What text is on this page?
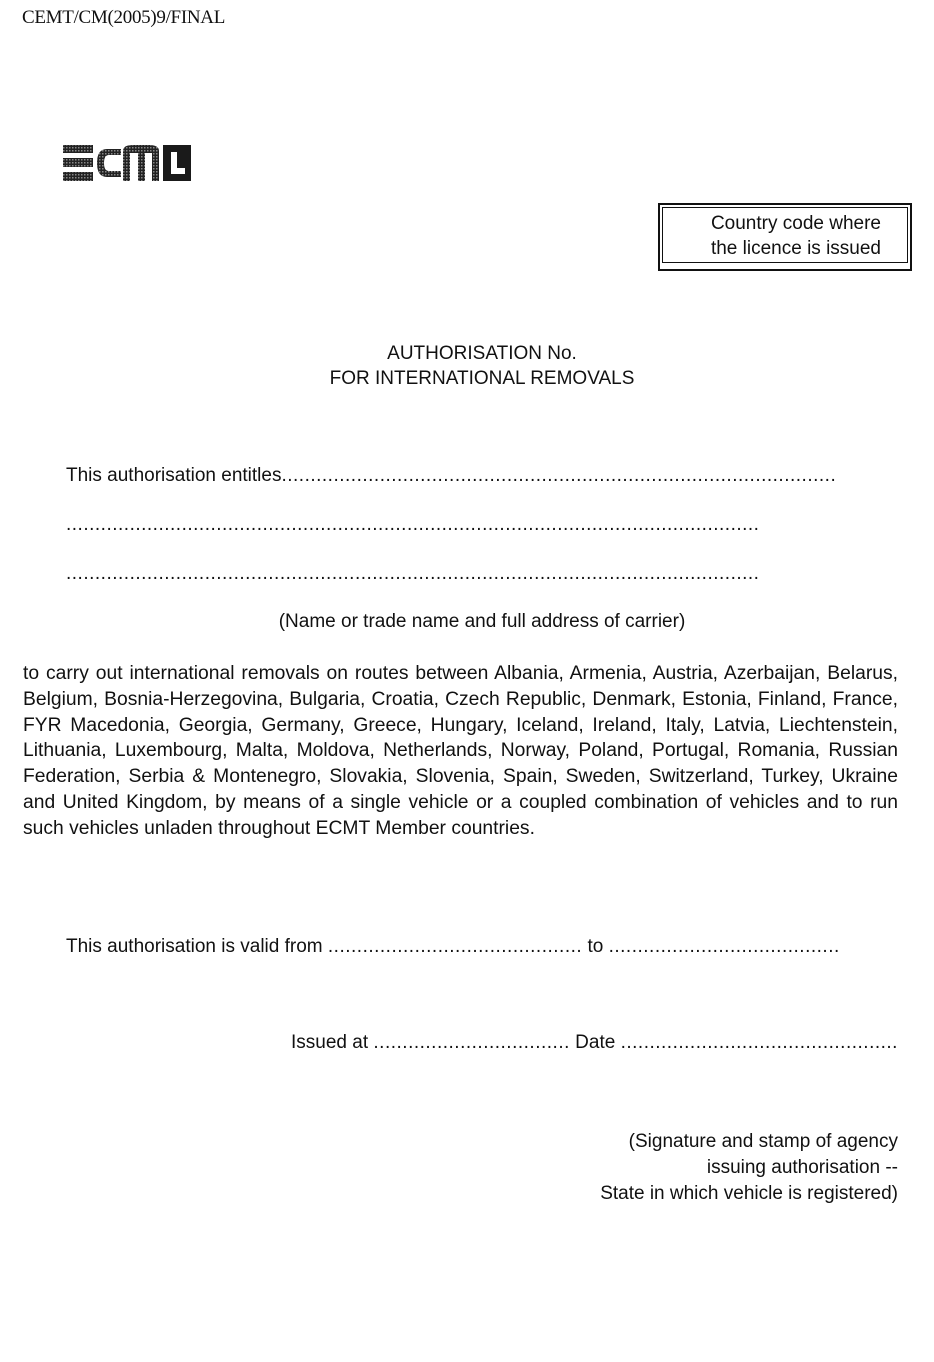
CEMT/CM(2005)9/FINAL
Country code where
the licence is issued
AUTHORISATION No.
FOR INTERNATIONAL REMOVALS
This authorisation entitles................................................................................................
........................................................................................................................
........................................................................................................................
(Name or trade name and full address of carrier)
to carry out international removals on routes between Albania, Armenia, Austria, Azerbaijan, Belarus, Belgium, Bosnia-Herzegovina, Bulgaria, Croatia, Czech Republic, Denmark, Estonia, Finland, France, FYR Macedonia, Georgia, Germany, Greece, Hungary, Iceland, Ireland, Italy, Latvia, Liechtenstein, Lithuania, Luxembourg, Malta, Moldova, Netherlands, Norway, Poland, Portugal, Romania, Russian Federation, Serbia & Montenegro, Slovakia, Slovenia, Spain, Sweden, Switzerland, Turkey, Ukraine and United Kingdom, by means of a single vehicle or a coupled combination of vehicles and to run such vehicles unladen throughout ECMT Member countries.
This authorisation is valid from ............................................ to ........................................
Issued at .................................. Date ................................................
(Signature and stamp of agency
issuing authorisation --
State in which vehicle is registered)
